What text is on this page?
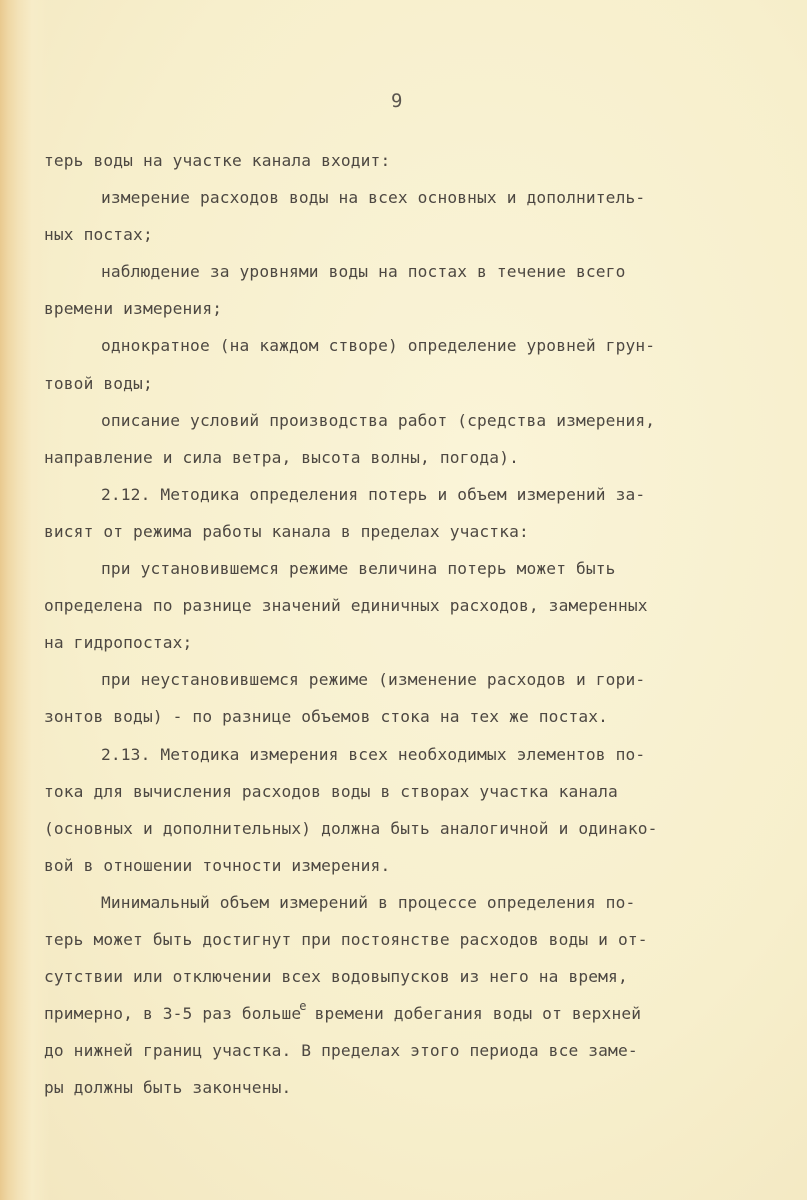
9
терь воды на участке канала входит:
измерение расходов воды на всех основных и дополнитель-
ных постах;
наблюдение за уровнями воды на постах в течение всего
времени измерения;
однократное (на каждом створе) определение уровней грун-
товой воды;
описание условий производства работ (средства измерения,
направление и сила ветра, высота волны, погода).
2.12. Методика определения потерь и объем измерений за-
висят от режима работы канала в пределах участка:
при установившемся режиме величина потерь может быть
определена по разнице значений единичных расходов, замеренных
на гидропостах;
при неустановившемся режиме (изменение расходов и гори-
зонтов воды) - по разнице объемов стока на тех же постах.
2.13. Методика измерения всех необходимых элементов по-
тока для вычисления расходов воды в створах участка канала
(основных и дополнительных) должна быть аналогичной и одинако-
вой в отношении точности измерения.
Минимальный объем измерений в процессе определения по-
терь может быть достигнут при постоянстве расходов воды и от-
сутствии или отключении всех водовыпусков из него на время,
примерно, в 3-5 раз больше$^е$ времени добегания воды от верхней
до нижней границ участка. В пределах этого периода все заме-
ры должны быть закончены.
